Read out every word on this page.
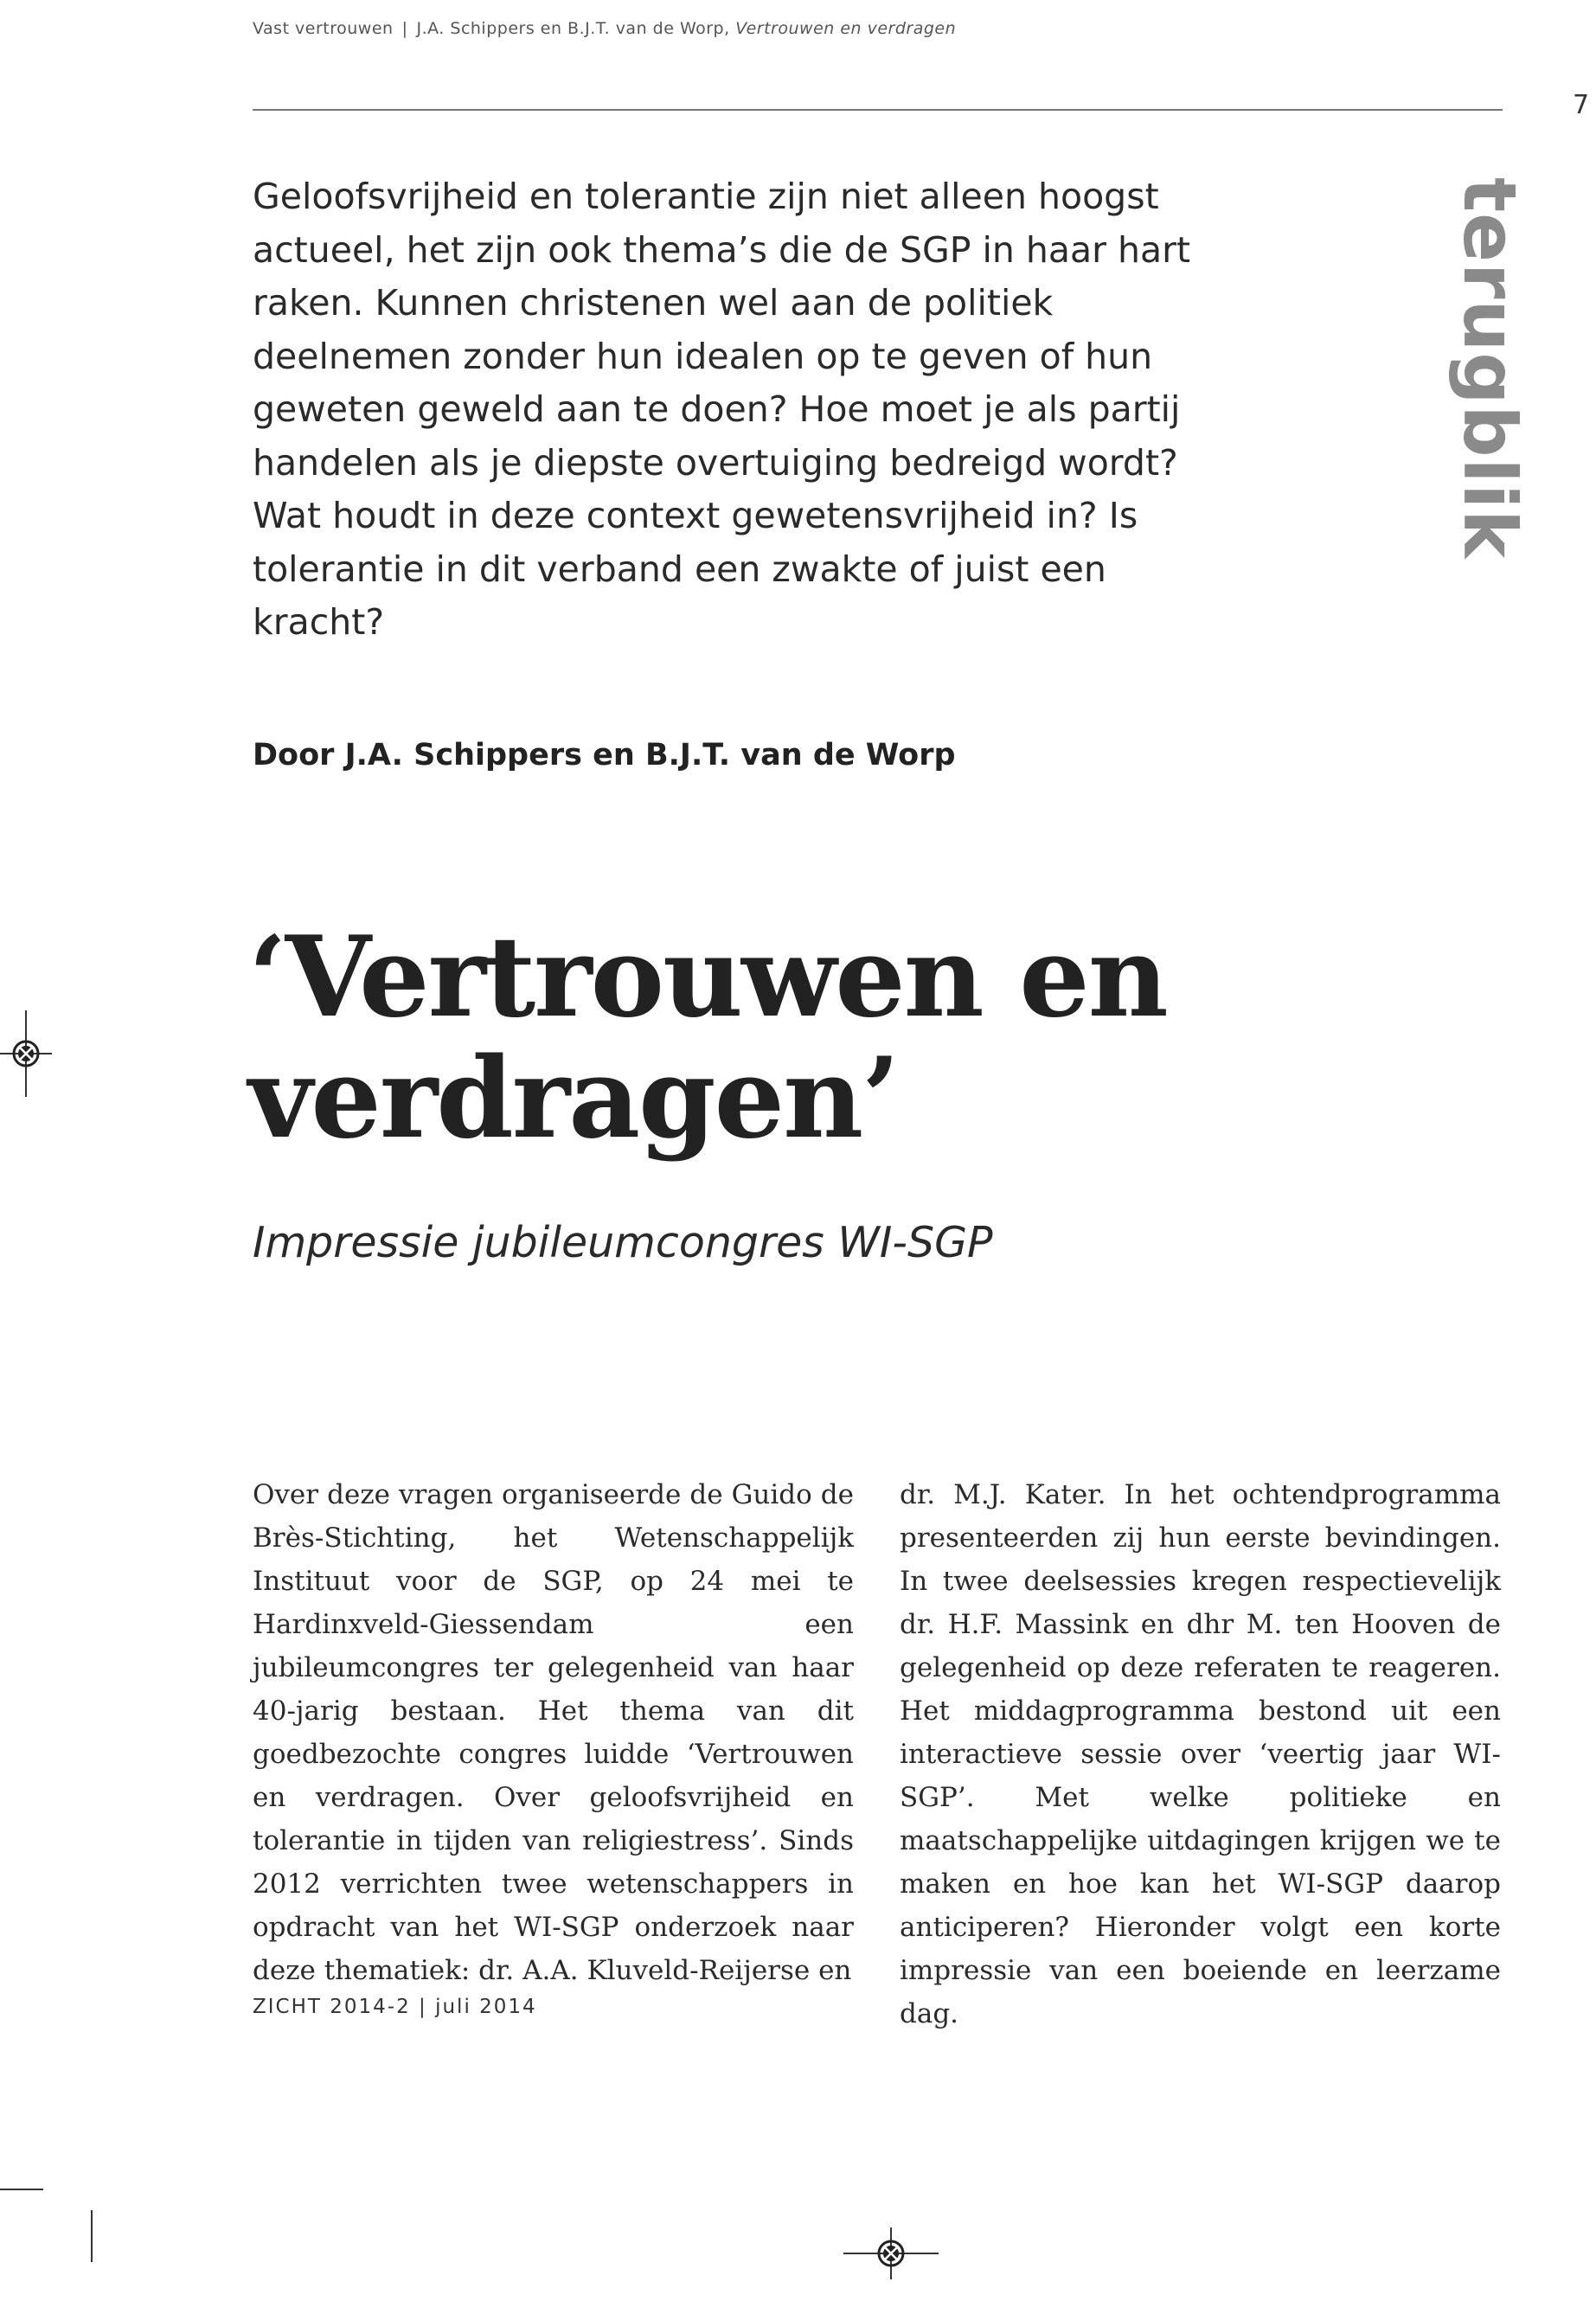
Vast vertrouwen | J.A. Schippers en B.J.T. van de Worp, Vertrouwen en verdragen
7
terugblik
Geloofsvrijheid en tolerantie zijn niet alleen hoogst actueel, het zijn ook thema’s die de SGP in haar hart raken. Kunnen christenen wel aan de politiek deelnemen zonder hun idealen op te geven of hun geweten geweld aan te doen? Hoe moet je als partij handelen als je diepste overtuiging bedreigd wordt? Wat houdt in deze context gewetensvrijheid in? Is tolerantie in dit verband een zwakte of juist een kracht?
Door J.A. Schippers en B.J.T. van de Worp
‘Vertrouwen en
verdragen’
Impressie jubileumcongres WI-SGP
Over deze vragen organiseerde de Guido de Brès-Stichting, het Wetenschappelijk Instituut voor de SGP, op 24 mei te Hardinxveld-Giessendam een jubileumcongres ter gelegenheid van haar 40-jarig bestaan. Het thema van dit goedbezochte congres luidde ‘Vertrouwen en verdragen. Over geloofsvrijheid en tolerantie in tijden van religiestress’. Sinds 2012 verrichten twee wetenschappers in opdracht van het WI-SGP onderzoek naar deze thematiek: dr. A.A. Kluveld-Reijerse en
dr. M.J. Kater. In het ochtendprogramma presenteerden zij hun eerste bevindingen. In twee deelsessies kregen respectievelijk dr. H.F. Massink en dhr M. ten Hooven de gelegenheid op deze referaten te reageren. Het middagprogramma bestond uit een interactieve sessie over ‘veertig jaar WI-SGP’. Met welke politieke en maatschappelijke uitdagingen krijgen we te maken en hoe kan het WI-SGP daarop anticiperen? Hieronder volgt een korte impressie van een boeiende en leerzame dag.
ZICHT 2014-2 | juli 2014
